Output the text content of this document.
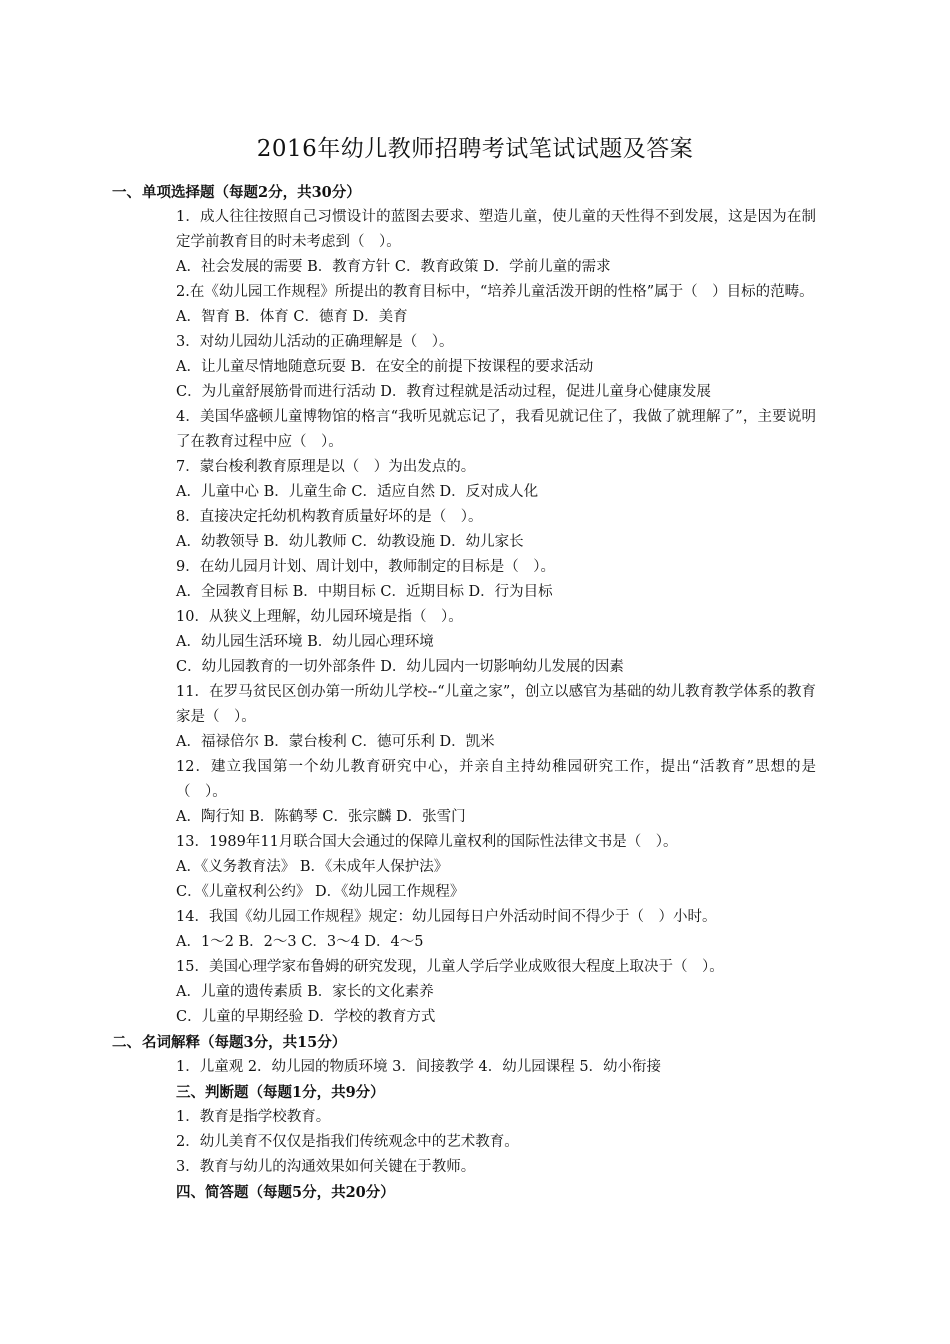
2016年幼儿教师招聘考试笔试试题及答案
一、 单项选择题（每题2分，共30分）
1．成人往往按照自己习惯设计的蓝图去要求、塑造儿童，使儿童的天性得不到发展，这是因为在制定学前教育目的时未考虑到（　）。
A．社会发展的需要 B．教育方针 C．教育政策 D．学前儿童的需求
2.在《幼儿园工作规程》所提出的教育目标中，“培养儿童活泼开朗的性格”属于（　）目标的范畴。
A．智育 B．体育 C．德育 D．美育
3．对幼儿园幼儿活动的正确理解是（　）。
A．让儿童尽情地随意玩耍 B．在安全的前提下按课程的要求活动
C．为儿童舒展筋骨而进行活动 D．教育过程就是活动过程，促进儿童身心健康发展
4．美国华盛顿儿童博物馆的格言“我听见就忘记了，我看见就记住了，我做了就理解了”，主要说明了在教育过程中应（　）。
7．蒙台梭利教育原理是以（　）为出发点的。
A．儿童中心 B．儿童生命 C．适应自然 D．反对成人化
8．直接决定托幼机构教育质量好坏的是（　）。
A．幼教领导 B．幼儿教师 C．幼教设施 D．幼儿家长
9．在幼儿园月计划、周计划中，教师制定的目标是（　）。
A．全园教育目标 B．中期目标 C．近期目标 D．行为目标
10．从狭义上理解，幼儿园环境是指（　）。
A．幼儿园生活环境 B．幼儿园心理环境
C．幼儿园教育的一切外部条件 D．幼儿园内一切影响幼儿发展的因素
11．在罗马贫民区创办第一所幼儿学校--“儿童之家”，创立以感官为基础的幼儿教育教学体系的教育家是（　）。
A．福禄倍尔 B．蒙台梭利 C．德可乐利 D．凯米
12．建立我国第一个幼儿教育研究中心，并亲自主持幼稚园研究工作，提出“活教育”思想的是（　）。
A．陶行知 B．陈鹤琴 C．张宗麟 D．张雪门
13．1989年11月联合国大会通过的保障儿童权利的国际性法律文书是（　）。
A．《义务教育法》 B．《未成年人保护法》
C．《儿童权利公约》 D．《幼儿园工作规程》
14．我国《幼儿园工作规程》规定：幼儿园每日户外活动时间不得少于（　）小时。
A．1～2 B．2～3 C．3～4 D．4～5
15．美国心理学家布鲁姆的研究发现，儿童人学后学业成败很大程度上取决于（　）。
A．儿童的遗传素质 B．家长的文化素养
C．儿童的早期经验 D．学校的教育方式
二、 名词解释（每题3分，共15分）
1．儿童观 2．幼儿园的物质环境 3．间接教学 4．幼儿园课程 5．幼小衔接
三、判断题（每题1分，共9分）
1．教育是指学校教育。
2．幼儿美育不仅仅是指我们传统观念中的艺术教育。
3．教育与幼儿的沟通效果如何关键在于教师。
四、简答题（每题5分，共20分）
